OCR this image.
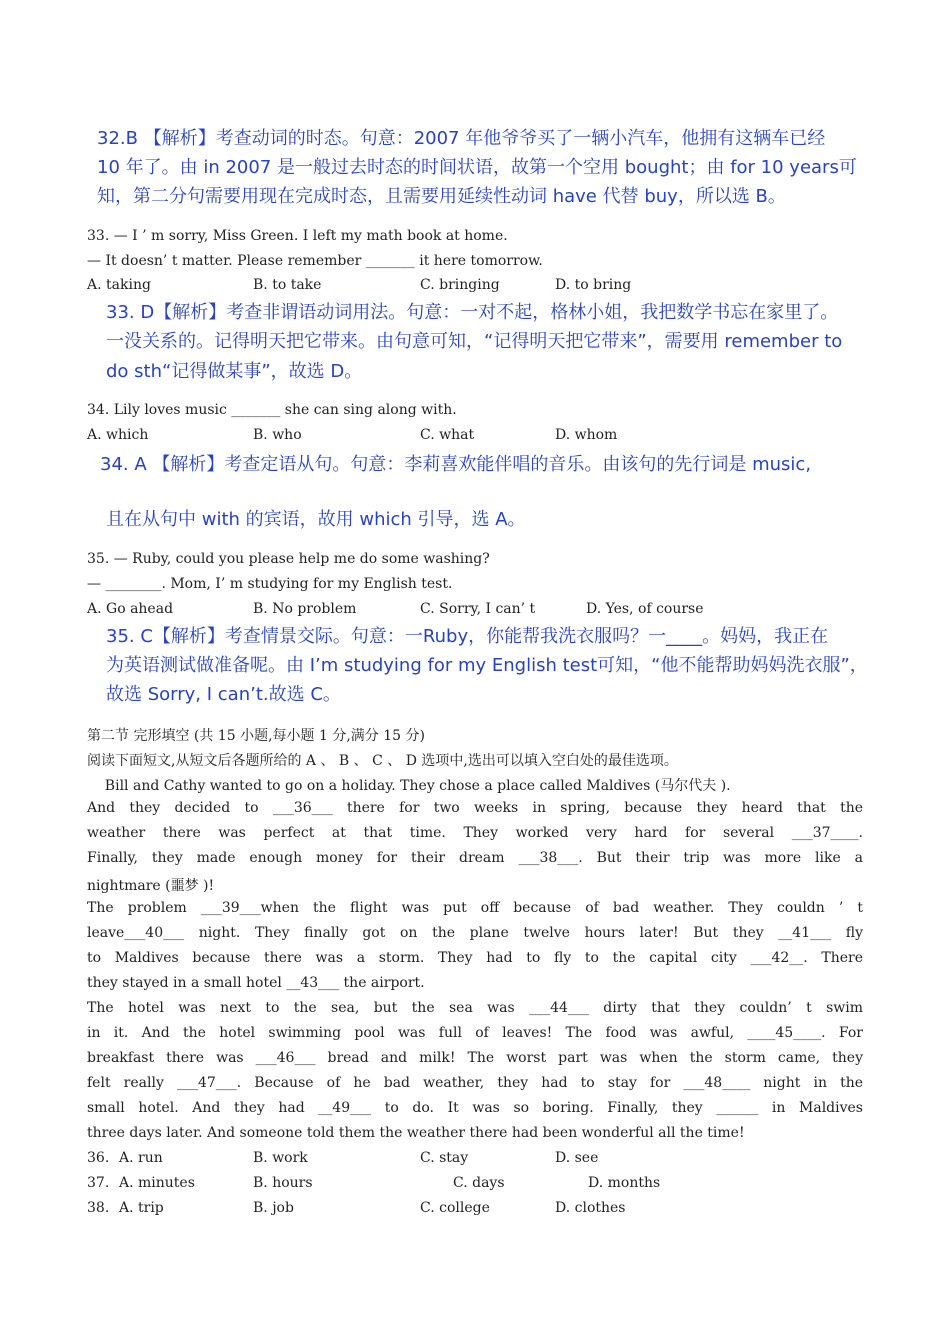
32.B 【解析】考查动词的时态。句意：2007 年他爷爷买了一辆小汽车，他拥有这辆车已经
10 年了。由 in 2007 是一般过去时态的时间状语，故第一个空用 bought；由 for 10 years可
知，第二分句需要用现在完成时态，且需要用延续性动词 have 代替 buy，所以选 B。
33. — I ’ m sorry, Miss Green. I left my math book at home.
— It doesn’ t matter. Please remember _______ it here tomorrow.
A. taking	B. to take	C. bringing	D. to bring
33. D【解析】考查非谓语动词用法。句意：一对不起，格林小姐，我把数学书忘在家里了。
一没关系的。记得明天把它带来。由句意可知，“记得明天把它带来”，需要用 remember to
do sth“记得做某事”，故选 D。
34. Lily loves music _______ she can sing along with.
A. which	B. who	C. what	D. whom
34. A 【解析】考查定语从句。句意：李莉喜欢能伴唱的音乐。由该句的先行词是 music,
且在从句中 with 的宾语，故用 which 引导，选 A。
35. — Ruby, could you please help me do some washing?
— ________. Mom, I’ m studying for my English test.
A. Go ahead	B. No problem	C. Sorry, I can’ t	D. Yes, of course
35. C【解析】考查情景交际。句意：一Ruby，你能帮我洗衣服吗？一____。妈妈，我正在
为英语测试做准备呢。由 I’m studying for my English test可知，“他不能帮助妈妈洗衣服”，
故选 Sorry, I can’t.故选 C。
第二节 完形填空 (共 15 小题,每小题 1 分,满分 15 分)
阅读下面短文,从短文后各题所给的 A 、 B 、 C 、 D 选项中,选出可以填入空白处的最佳选项。
Bill and Cathy wanted to go on a holiday. They chose a place called Maldives (马尔代夫 ).
And they decided to ___36___ there for two weeks in spring, because they heard that the
weather there was perfect at that time. They worked very hard for several ___37____.
Finally, they made enough money for their dream ___38___. But their trip was more like a
nightmare (噩梦 )!
The problem ___39___when the flight was put off because of bad weather. They couldn ’ t
leave___40___ night. They finally got on the plane twelve hours later! But they __41___ fly
to Maldives because there was a storm. They had to fly to the capital city ___42__. There
they stayed in a small hotel __43___ the airport.
The hotel was next to the sea, but the sea was ___44___ dirty that they couldn’ t swim
in it. And the hotel swimming pool was full of leaves! The food was awful, ____45____. For
breakfast there was ___46___ bread and milk! The worst part was when the storm came, they
felt really ___47___. Because of he bad weather, they had to stay for ___48____ night in the
small hotel. And they had __49___ to do. It was so boring. Finally, they ______ in Maldives
three days later. And someone told them the weather there had been wonderful all the time!
36. A. run	B. work	C. stay	D. see
37. A. minutes	B. hours	C. days	D. months
38. A. trip	B. job	C. college	D. clothes
